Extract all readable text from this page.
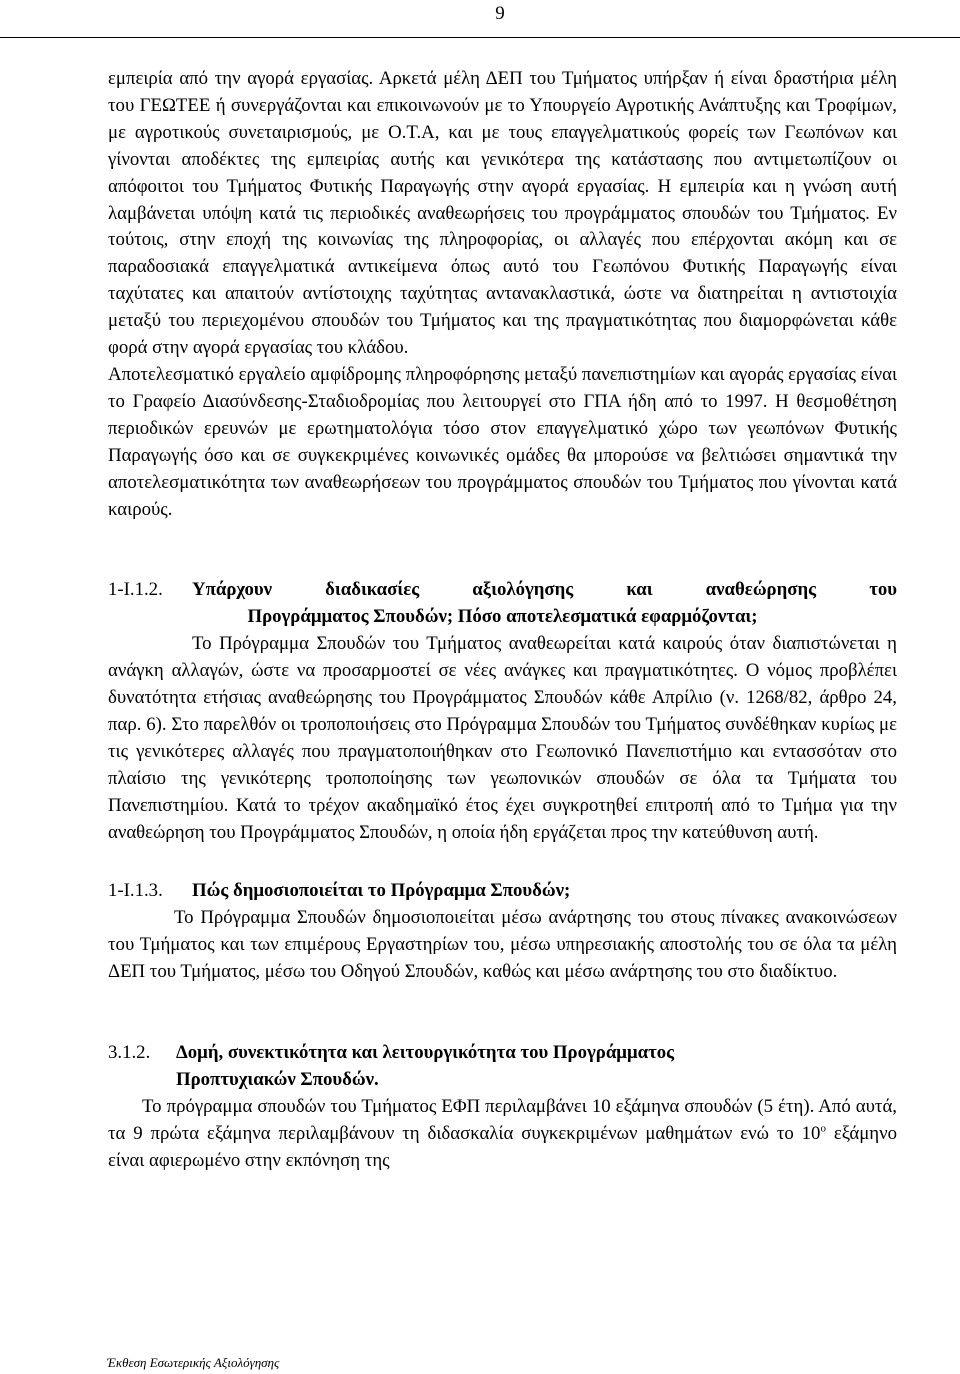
9

εμπειρία από την αγορά εργασίας. Αρκετά μέλη ΔΕΠ του Τμήματος υπήρξαν ή είναι δραστήρια μέλη του ΓΕΩΤΕΕ ή συνεργάζονται και επικοινωνούν με το Υπουργείο Αγροτικής Ανάπτυξης και Τροφίμων, με αγροτικούς συνεταιρισμούς, με Ο.Τ.Α, και με τους επαγγελματικούς φορείς των Γεωπόνων και γίνονται αποδέκτες της εμπειρίας αυτής και γενικότερα της κατάστασης που αντιμετωπίζουν οι απόφοιτοι του Τμήματος Φυτικής Παραγωγής στην αγορά εργασίας. Η εμπειρία και η γνώση αυτή λαμβάνεται υπόψη κατά τις περιοδικές αναθεωρήσεις του προγράμματος σπουδών του Τμήματος. Εν τούτοις, στην εποχή της κοινωνίας της πληροφορίας, οι αλλαγές που επέρχονται ακόμη και σε παραδοσιακά επαγγελματικά αντικείμενα όπως αυτό του Γεωπόνου Φυτικής Παραγωγής είναι ταχύτατες και απαιτούν αντίστοιχης ταχύτητας αντανακλαστικά, ώστε να διατηρείται η αντιστοιχία μεταξύ του περιεχομένου σπουδών του Τμήματος και της πραγματικότητας που διαμορφώνεται κάθε φορά στην αγορά εργασίας του κλάδου.

Αποτελεσματικό εργαλείο αμφίδρομης πληροφόρησης μεταξύ πανεπιστημίων και αγοράς εργασίας είναι το Γραφείο Διασύνδεσης-Σταδιοδρομίας που λειτουργεί στο ΓΠΑ ήδη από το 1997. Η θεσμοθέτηση περιοδικών ερευνών με ερωτηματολόγια τόσο στον επαγγελματικό χώρο των γεωπόνων Φυτικής Παραγωγής όσο και σε συγκεκριμένες κοινωνικές ομάδες θα μπορούσε να βελτιώσει σημαντικά την αποτελεσματικότητα των αναθεωρήσεων του προγράμματος σπουδών του Τμήματος που γίνονται κατά καιρούς.

1-Ι.1.2.	Υπάρχουν διαδικασίες αξιολόγησης και αναθεώρησης του
Προγράμματος Σπουδών; Πόσο αποτελεσματικά εφαρμόζονται;

Το Πρόγραμμα Σπουδών του Τμήματος αναθεωρείται κατά καιρούς όταν διαπιστώνεται η ανάγκη αλλαγών, ώστε να προσαρμοστεί σε νέες ανάγκες και πραγματικότητες. Ο νόμος προβλέπει δυνατότητα ετήσιας αναθεώρησης του Προγράμματος Σπουδών κάθε Απρίλιο (ν. 1268/82, άρθρο 24, παρ. 6). Στο παρελθόν οι τροποποιήσεις στο Πρόγραμμα Σπουδών του Τμήματος συνδέθηκαν κυρίως με τις γενικότερες αλλαγές που πραγματοποιήθηκαν στο Γεωπονικό Πανεπιστήμιο και εντασσόταν στο πλαίσιο της γενικότερης τροποποίησης των γεωπονικών σπουδών σε όλα τα Τμήματα του Πανεπιστημίου. Κατά το τρέχον ακαδημαϊκό έτος έχει συγκροτηθεί επιτροπή από το Τμήμα για την αναθεώρηση του Προγράμματος Σπουδών, η οποία ήδη εργάζεται προς την κατεύθυνση αυτή.

1-Ι.1.3.	Πώς δημοσιοποιείται το Πρόγραμμα Σπουδών;

Το Πρόγραμμα Σπουδών δημοσιοποιείται μέσω ανάρτησης του στους πίνακες ανακοινώσεων του Τμήματος και των επιμέρους Εργαστηρίων του, μέσω υπηρεσιακής αποστολής του σε όλα τα μέλη ΔΕΠ του Τμήματος, μέσω του Οδηγού Σπουδών, καθώς και μέσω ανάρτησης του στο διαδίκτυο.

3.1.2.	Δομή, συνεκτικότητα και λειτουργικότητα του Προγράμματος
Προπτυχιακών Σπουδών.

Το πρόγραμμα σπουδών του Τμήματος ΕΦΠ περιλαμβάνει 10 εξάμηνα σπουδών (5 έτη). Από αυτά, τα 9 πρώτα εξάμηνα περιλαμβάνουν τη διδασκαλία συγκεκριμένων μαθημάτων ενώ το $10^o$ εξάμηνο είναι αφιερωμένο στην εκπόνηση της

Έκθεση Εσωτερικής Αξιολόγησης
